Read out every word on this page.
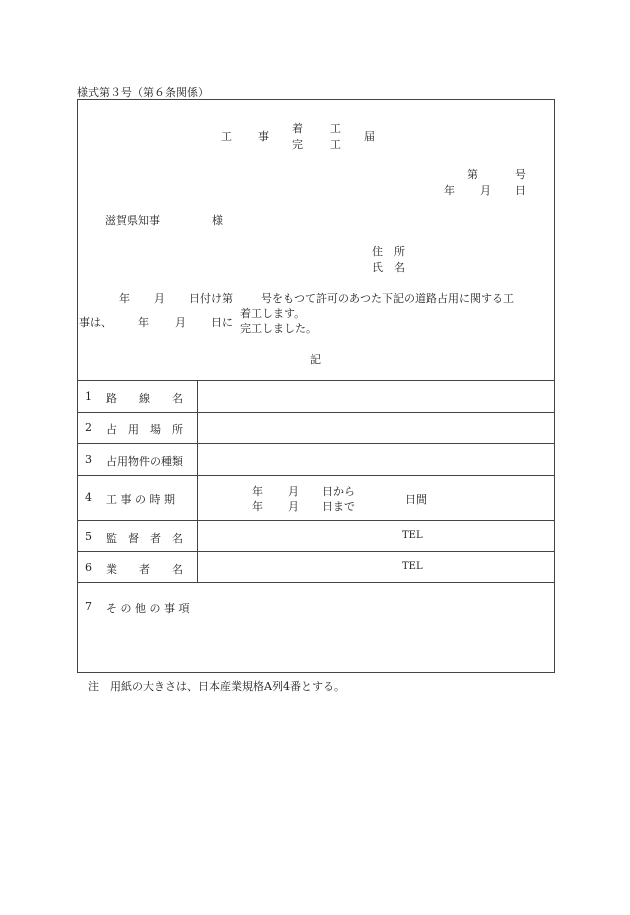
様式第３号（第６条関係）
工 事
着 工
完 工
届
第	号
年 月 日
滋賀県知事	様
住　所
氏　名
年 月 日付け第	号をもつて許可のあつた下記の道路占用に関する工
事は、 年 月 日に
着工します。
完工しました。
記
1 路　　線　　名
2 占　用　場　所
3 占用物件の種類
4 工 事 の 時 期
年 月 日から
年 月 日まで
日間
5 監　督　者　名	TEL
6 業　　者　　名	TEL
7 そ の 他 の 事 項
注　用紙の大きさは、日本産業規格A列4番とする。
